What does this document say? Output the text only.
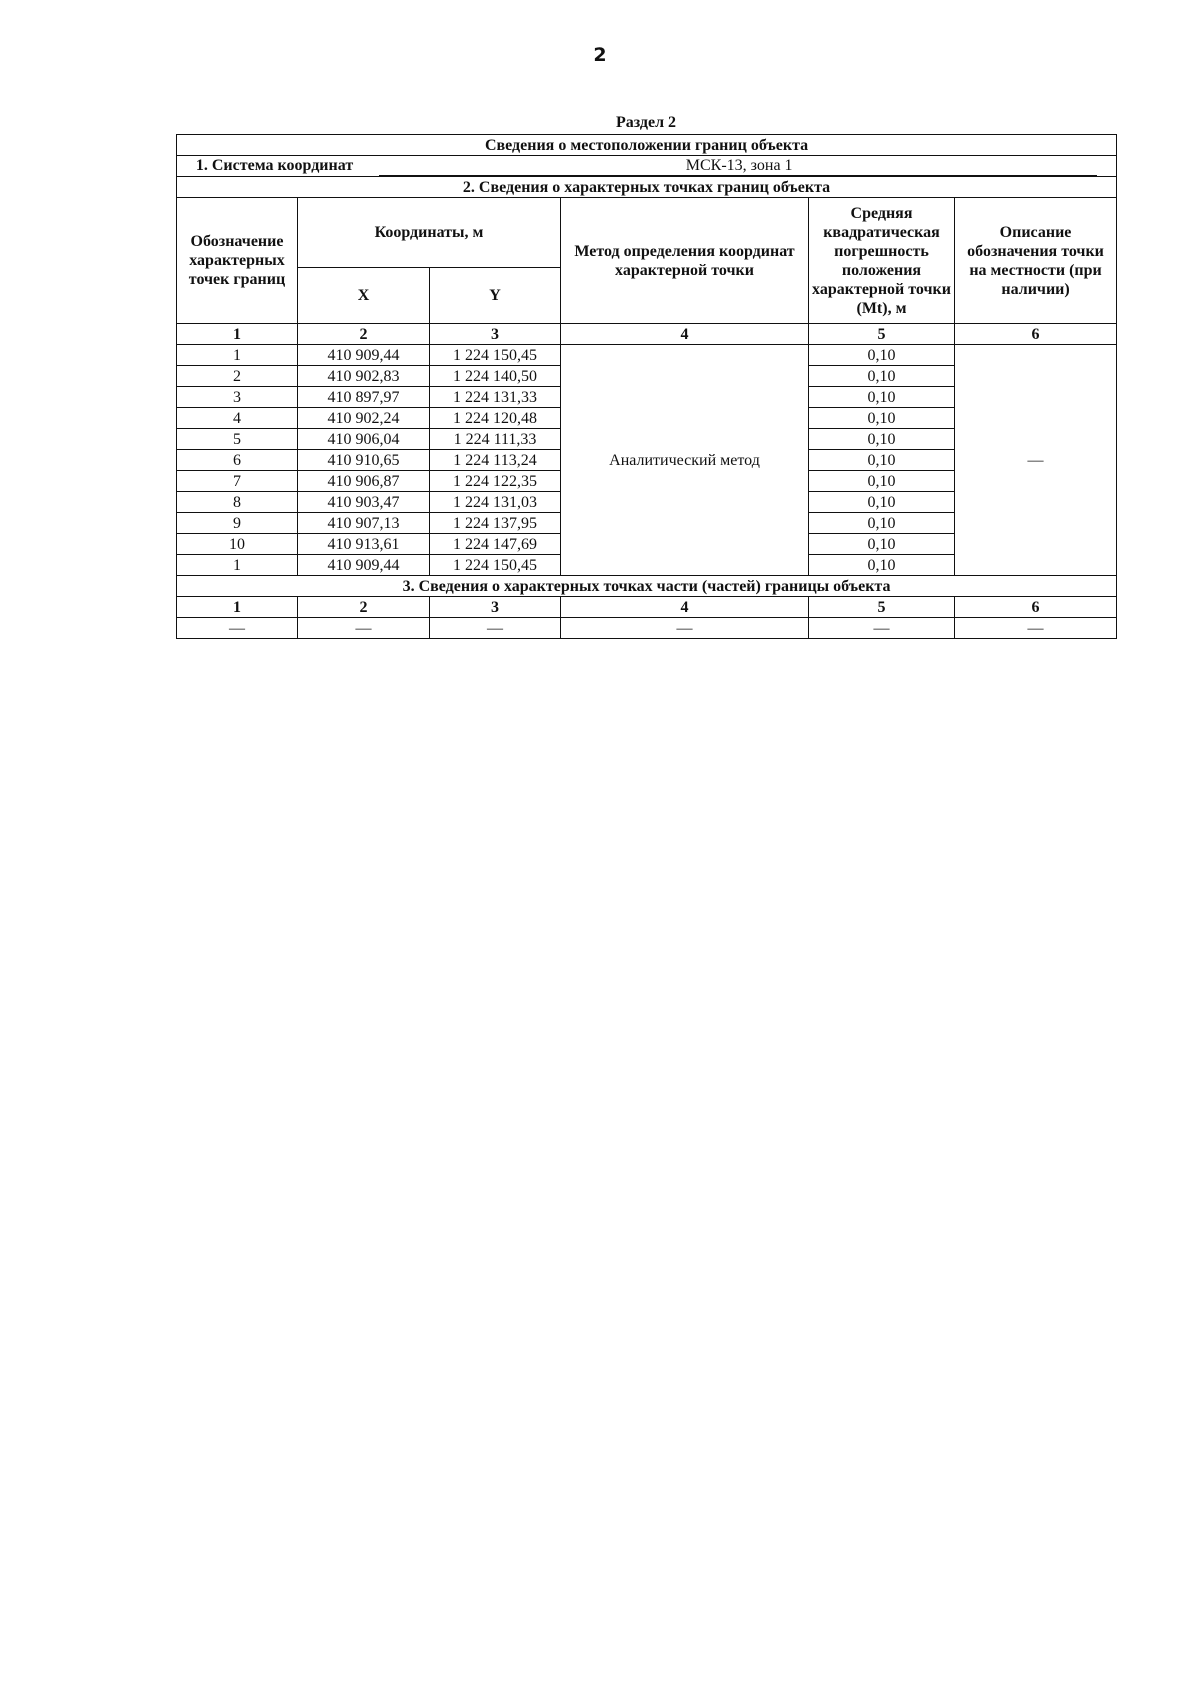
2
Раздел 2
Сведения о местоположении границ объекта					
1. Система координат МСК-13, зона 1					
2. Сведения о характерных точках границ объекта					
Обозначение характерных точек границ	Координаты, м		Метод определения координат характерной точки	Средняя квадратическая погрешность положения характерной точки (Mt), м	Описание обозначения точки на местности (при наличии)
	X	Y			
1	2	3	4	5	6
1	410 909,44	1 224 150,45	Аналитический метод	0,10	—
2	410 902,83	1 224 140,50		0,10	
3	410 897,97	1 224 131,33		0,10	
4	410 902,24	1 224 120,48		0,10	
5	410 906,04	1 224 111,33		0,10	
6	410 910,65	1 224 113,24		0,10	
7	410 906,87	1 224 122,35		0,10	
8	410 903,47	1 224 131,03		0,10	
9	410 907,13	1 224 137,95		0,10	
10	410 913,61	1 224 147,69		0,10	
1	410 909,44	1 224 150,45		0,10	
3. Сведения о характерных точках части (частей) границы объекта					
1	2	3	4	5	6
—	—	—	—	—	—
